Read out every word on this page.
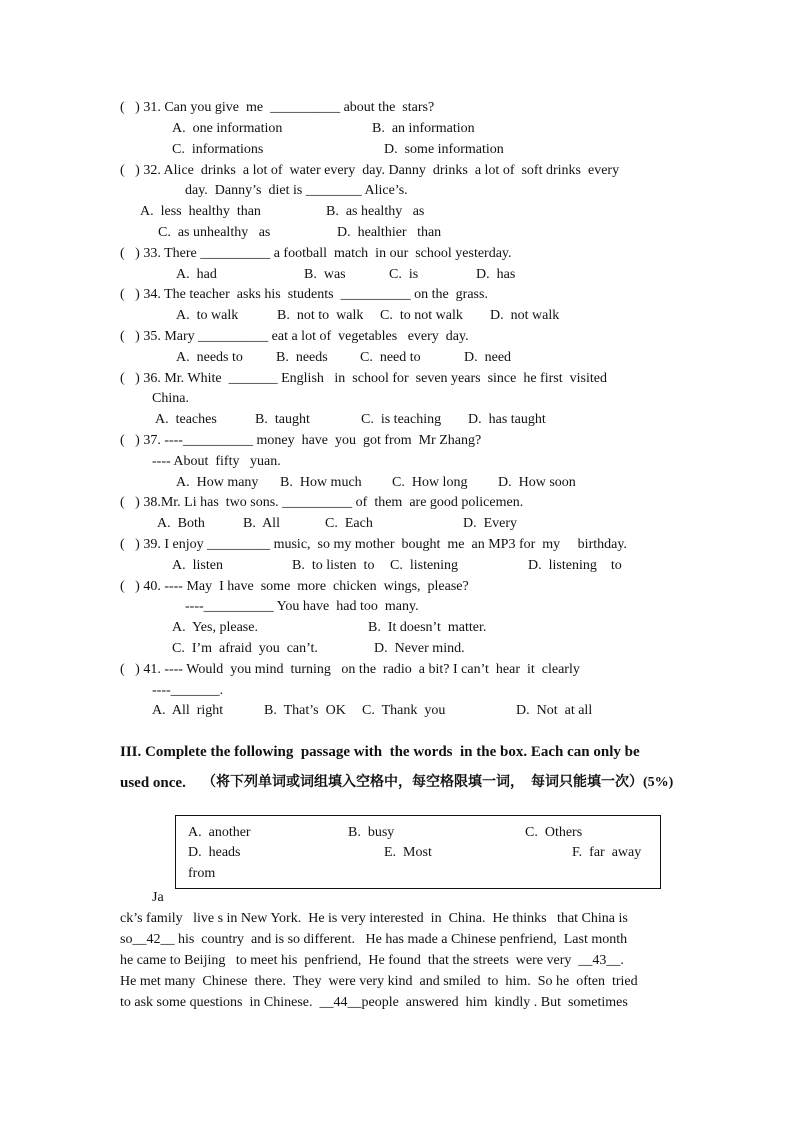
(   ) 31. Can you give  me  __________ about the  stars?
A.  one information	B.  an information
C.  informations	D.  some information
(   ) 32. Alice  drinks  a lot of  water every  day. Danny  drinks  a lot of  soft drinks  every
day.  Danny’s  diet is ________ Alice’s.
A.  less  healthy  than	B.  as healthy   as
C.  as unhealthy   as	D.  healthier   than
(   ) 33. There __________ a football  match  in our  school yesterday.
A.  had	B.  was	C.  is	D.  has
(   ) 34. The teacher  asks his  students  __________ on the  grass.
A.  to walk	B.  not to  walk C.  to not walk D.  not walk
(   ) 35. Mary __________ eat a lot of  vegetables   every  day.
A.  needs to B.  needs C.  need to	D.  need
(   ) 36. Mr. White  _______ English   in  school for  seven years  since  he first  visited
China.
A.  teaches	B.  taught	C.  is teaching D.  has taught
(   ) 37. ----__________ money  have  you  got from  Mr Zhang?
---- About  fifty   yuan.
A.  How many B.  How much C.  How long D.  How soon
(   ) 38.Mr. Li has  two sons. __________ of  them  are good policemen.
A.  Both	B.  All	C.  Each	D.  Every
(   ) 39. I enjoy _________ music,  so my mother  bought  me  an MP3 for  my     birthday.
A.  listen	B.  to listen  to C.  listening	D.  listening    to
(   ) 40. ---- May  I have  some  more  chicken  wings,  please?
----__________ You have  had too  many.
A.  Yes, please.	B.  It doesn’t  matter.
C.  I’m  afraid  you  can’t.	D.  Never mind.
(   ) 41. ---- Would  you mind  turning   on the  radio  a bit? I can’t  hear  it  clearly
----_______.
A.  All  right	B.  That’s  OK C.  Thank  you	D.  Not  at all
III. Complete the following  passage with  the words  in the box. Each can only be
used once. （将下列单词或词组填入空格中，每空格限填一词，  每词只能填一次）(5%)
A.  another	B.  busy	C.  Others
D.  heads	E.  Most	F.  far  away
from
Ja
ck’s family   live s in New York.  He is very interested  in  China.  He thinks   that China is
so__42__ his  country  and is so different.   He has made a Chinese penfriend,  Last month
he came to Beijing   to meet his  penfriend,  He found  that the streets  were very  __43__.
He met many  Chinese  there.  They  were very kind  and smiled  to  him.  So he  often  tried
to ask some questions  in Chinese.  __44__people  answered  him  kindly . But  sometimes
